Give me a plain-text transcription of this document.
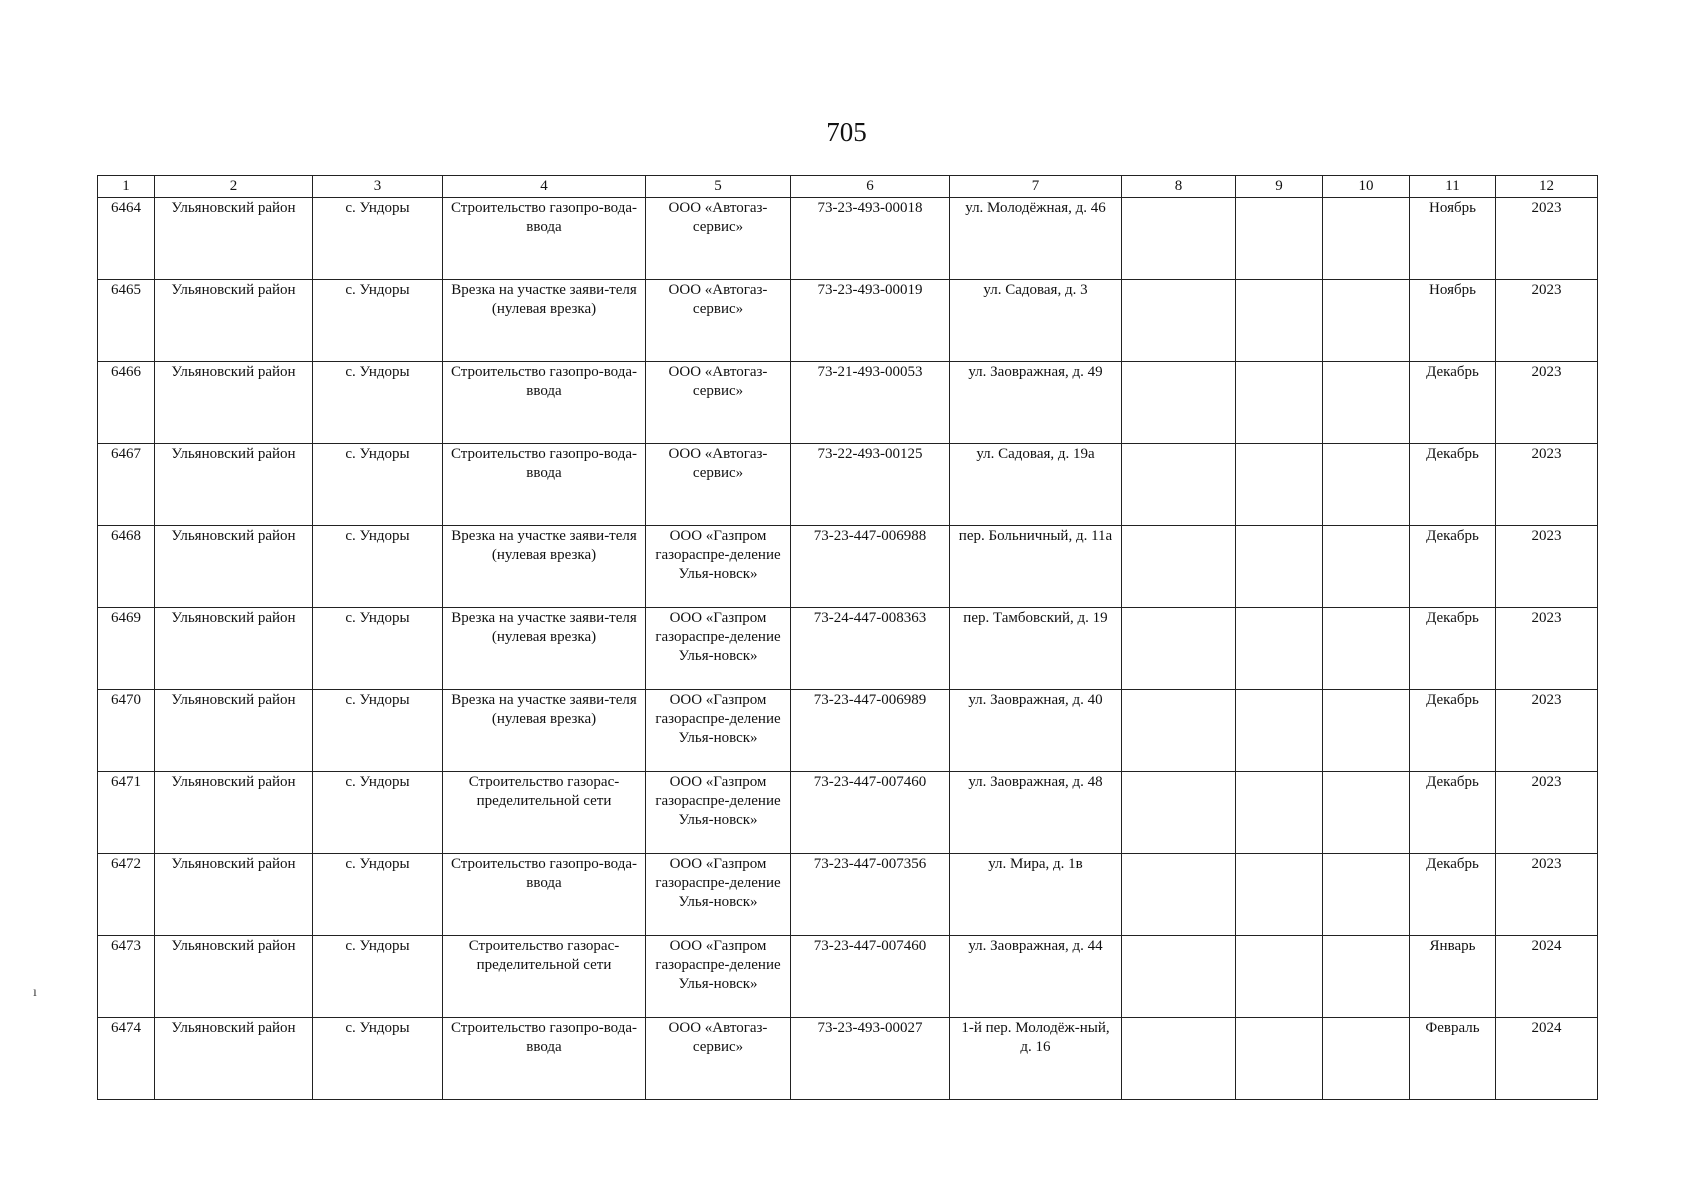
705
1	2	3	4	5	6	7	8	9	10	11	12
6464	Ульяновский район	с. Ундоры	Строительство газопро-вода-ввода	ООО «Автогаз-сервис»	73-23-493-00018	ул. Молодёжная, д. 46				Ноябрь	2023
6465	Ульяновский район	с. Ундоры	Врезка на участке заяви-теля (нулевая врезка)	ООО «Автогаз-сервис»	73-23-493-00019	ул. Садовая, д. 3				Ноябрь	2023
6466	Ульяновский район	с. Ундоры	Строительство газопро-вода-ввода	ООО «Автогаз-сервис»	73-21-493-00053	ул. Заовражная, д. 49				Декабрь	2023
6467	Ульяновский район	с. Ундоры	Строительство газопро-вода-ввода	ООО «Автогаз-сервис»	73-22-493-00125	ул. Садовая, д. 19а				Декабрь	2023
6468	Ульяновский район	с. Ундоры	Врезка на участке заяви-теля (нулевая врезка)	ООО «Газпром газораспре-деление Улья-новск»	73-23-447-006988	пер. Больничный, д. 11а				Декабрь	2023
6469	Ульяновский район	с. Ундоры	Врезка на участке заяви-теля (нулевая врезка)	ООО «Газпром газораспре-деление Улья-новск»	73-24-447-008363	пер. Тамбовский, д. 19				Декабрь	2023
6470	Ульяновский район	с. Ундоры	Врезка на участке заяви-теля (нулевая врезка)	ООО «Газпром газораспре-деление Улья-новск»	73-23-447-006989	ул. Заовражная, д. 40				Декабрь	2023
6471	Ульяновский район	с. Ундоры	Строительство газорас-пределительной сети	ООО «Газпром газораспре-деление Улья-новск»	73-23-447-007460	ул. Заовражная, д. 48				Декабрь	2023
6472	Ульяновский район	с. Ундоры	Строительство газопро-вода-ввода	ООО «Газпром газораспре-деление Улья-новск»	73-23-447-007356	ул. Мира, д. 1в				Декабрь	2023
6473	Ульяновский район	с. Ундоры	Строительство газорас-пределительной сети	ООО «Газпром газораспре-деление Улья-новск»	73-23-447-007460	ул. Заовражная, д. 44				Январь	2024
6474	Ульяновский район	с. Ундоры	Строительство газопро-вода-ввода	ООО «Автогаз-сервис»	73-23-493-00027	1-й пер. Молодёж-ный, д. 16				Февраль	2024
ı
